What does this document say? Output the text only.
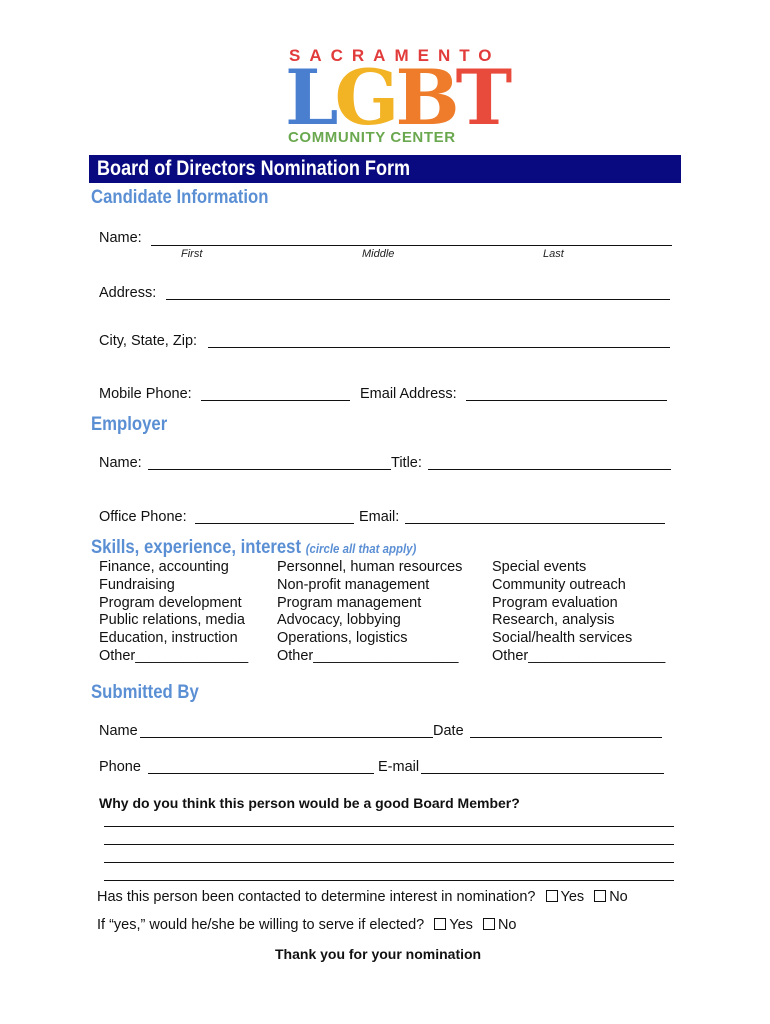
SACRAMENTO
LGBT
COMMUNITY CENTER
Board of Directors Nomination Form
Candidate Information
Name:
First	Middle	Last
Address:
City, State, Zip:
Mobile Phone:	Email Address:
Employer
Name:	Title:
Office Phone:	Email:
Skills, experience, interest (circle all that apply)
Finance, accounting
Fundraising
Program development
Public relations, media
Education, instruction
Other______________
Personnel, human resources
Non-profit management
Program management
Advocacy, lobbying
Operations, logistics
Other__________________
Special events
Community outreach
Program evaluation
Research, analysis
Social/health services
Other_________________
Submitted By
Name	Date
Phone	E-mail
Why do you think this person would be a good Board Member?
Has this person been contacted to determine interest in nomination? Yes No
If “yes,” would he/she be willing to serve if elected? Yes No
Thank you for your nomination
